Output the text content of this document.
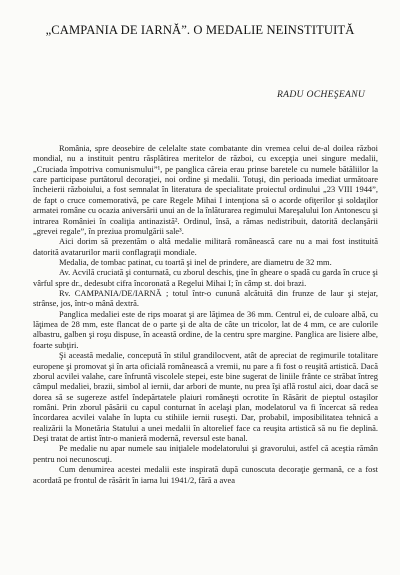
„CAMPANIA DE IARNĂ”. O MEDALIE NEINSTITUITĂ
RADU OCHEŞEANU

România, spre deosebire de celelalte state combatante din vremea celui de-al doilea război mondial, nu a instituit pentru răsplătirea meritelor de război, cu excepţia unei singure medalii, „Cruciada împotriva comunismului”¹, pe panglica căreia erau prinse baretele cu numele bătăliilor la care participase purtătorul decoraţiei, noi ordine şi medalii. Totuşi, din perioada imediat următoare încheierii războiului, a fost semnalat în literatura de specialitate proiectul ordinului „23 VIII 1944”, de fapt o cruce comemorativă, pe care Regele Mihai I intenţiona să o acorde ofiţerilor şi soldaţilor armatei române cu ocazia aniversării unui an de la înlăturarea regimului Mareşalului Ion Antonescu şi intrarea României în coaliţia antinazistă². Ordinul, însă, a rămas nedistribuit, datorită declanşării „grevei regale”, în preziua promulgării sale³.

Aici dorim să prezentăm o altă medalie militară românească care nu a mai fost instituită datorită avatarurilor marii conflagraţii mondiale.

Medalia, de tombac patinat, cu toartă şi inel de prindere, are diametru de 32 mm.

Av. Acvilă cruciată şi conturnată, cu zborul deschis, ţine în gheare o spadă cu garda în cruce şi vârful spre dr., dedesubt cifra încoronată a Regelui Mihai I; în câmp st. doi brazi.

Rv. CAMPANIA/DE/IARNĂ ; totul într-o cunună alcătuită din frunze de laur şi stejar, strânse, jos, într-o mână dextră.

Panglica medaliei este de rips moarat şi are lăţimea de 36 mm. Centrul ei, de culoare albă, cu lăţimea de 28 mm, este flancat de o parte şi de alta de câte un tricolor, lat de 4 mm, ce are culorile albastru, galben şi roşu dispuse, în această ordine, de la centru spre margine. Panglica are lisiere albe, foarte subţiri.

Şi această medalie, concepută în stilul grandilocvent, atât de apreciat de regimurile totalitare europene şi promovat şi în arta oficială românească a vremii, nu pare a fi fost o reuşită artistică. Dacă zborul acvilei valahe, care înfruntă viscolele stepei, este bine sugerat de liniile frânte ce străbat întreg câmpul medaliei, brazii, simbol al iernii, dar arbori de munte, nu prea îşi află rostul aici, doar dacă se dorea să se sugereze astfel îndepărtatele plaiuri româneşti ocrotite în Răsărit de pieptul ostaşilor români. Prin zborul păsării cu capul conturnat în acelaşi plan, modelatorul va fi încercat să redea încordarea acvilei valahe în lupta cu stihiile iernii ruseşti. Dar, probabil, imposibilitatea tehnică a realizării la Monetăria Statului a unei medalii în altorelief face ca reuşita artistică să nu fie deplină. Deşi tratat de artist într-o manieră modernă, reversul este banal.

Pe medalie nu apar numele sau iniţialele modelatorului şi gravorului, astfel că aceştia rămân pentru noi necunoscuţi.

Cum denumirea acestei medalii este inspirată după cunoscuta decoraţie germană, ce a fost acordată pe frontul de răsărit în iarna lui 1941/2, fără a avea
